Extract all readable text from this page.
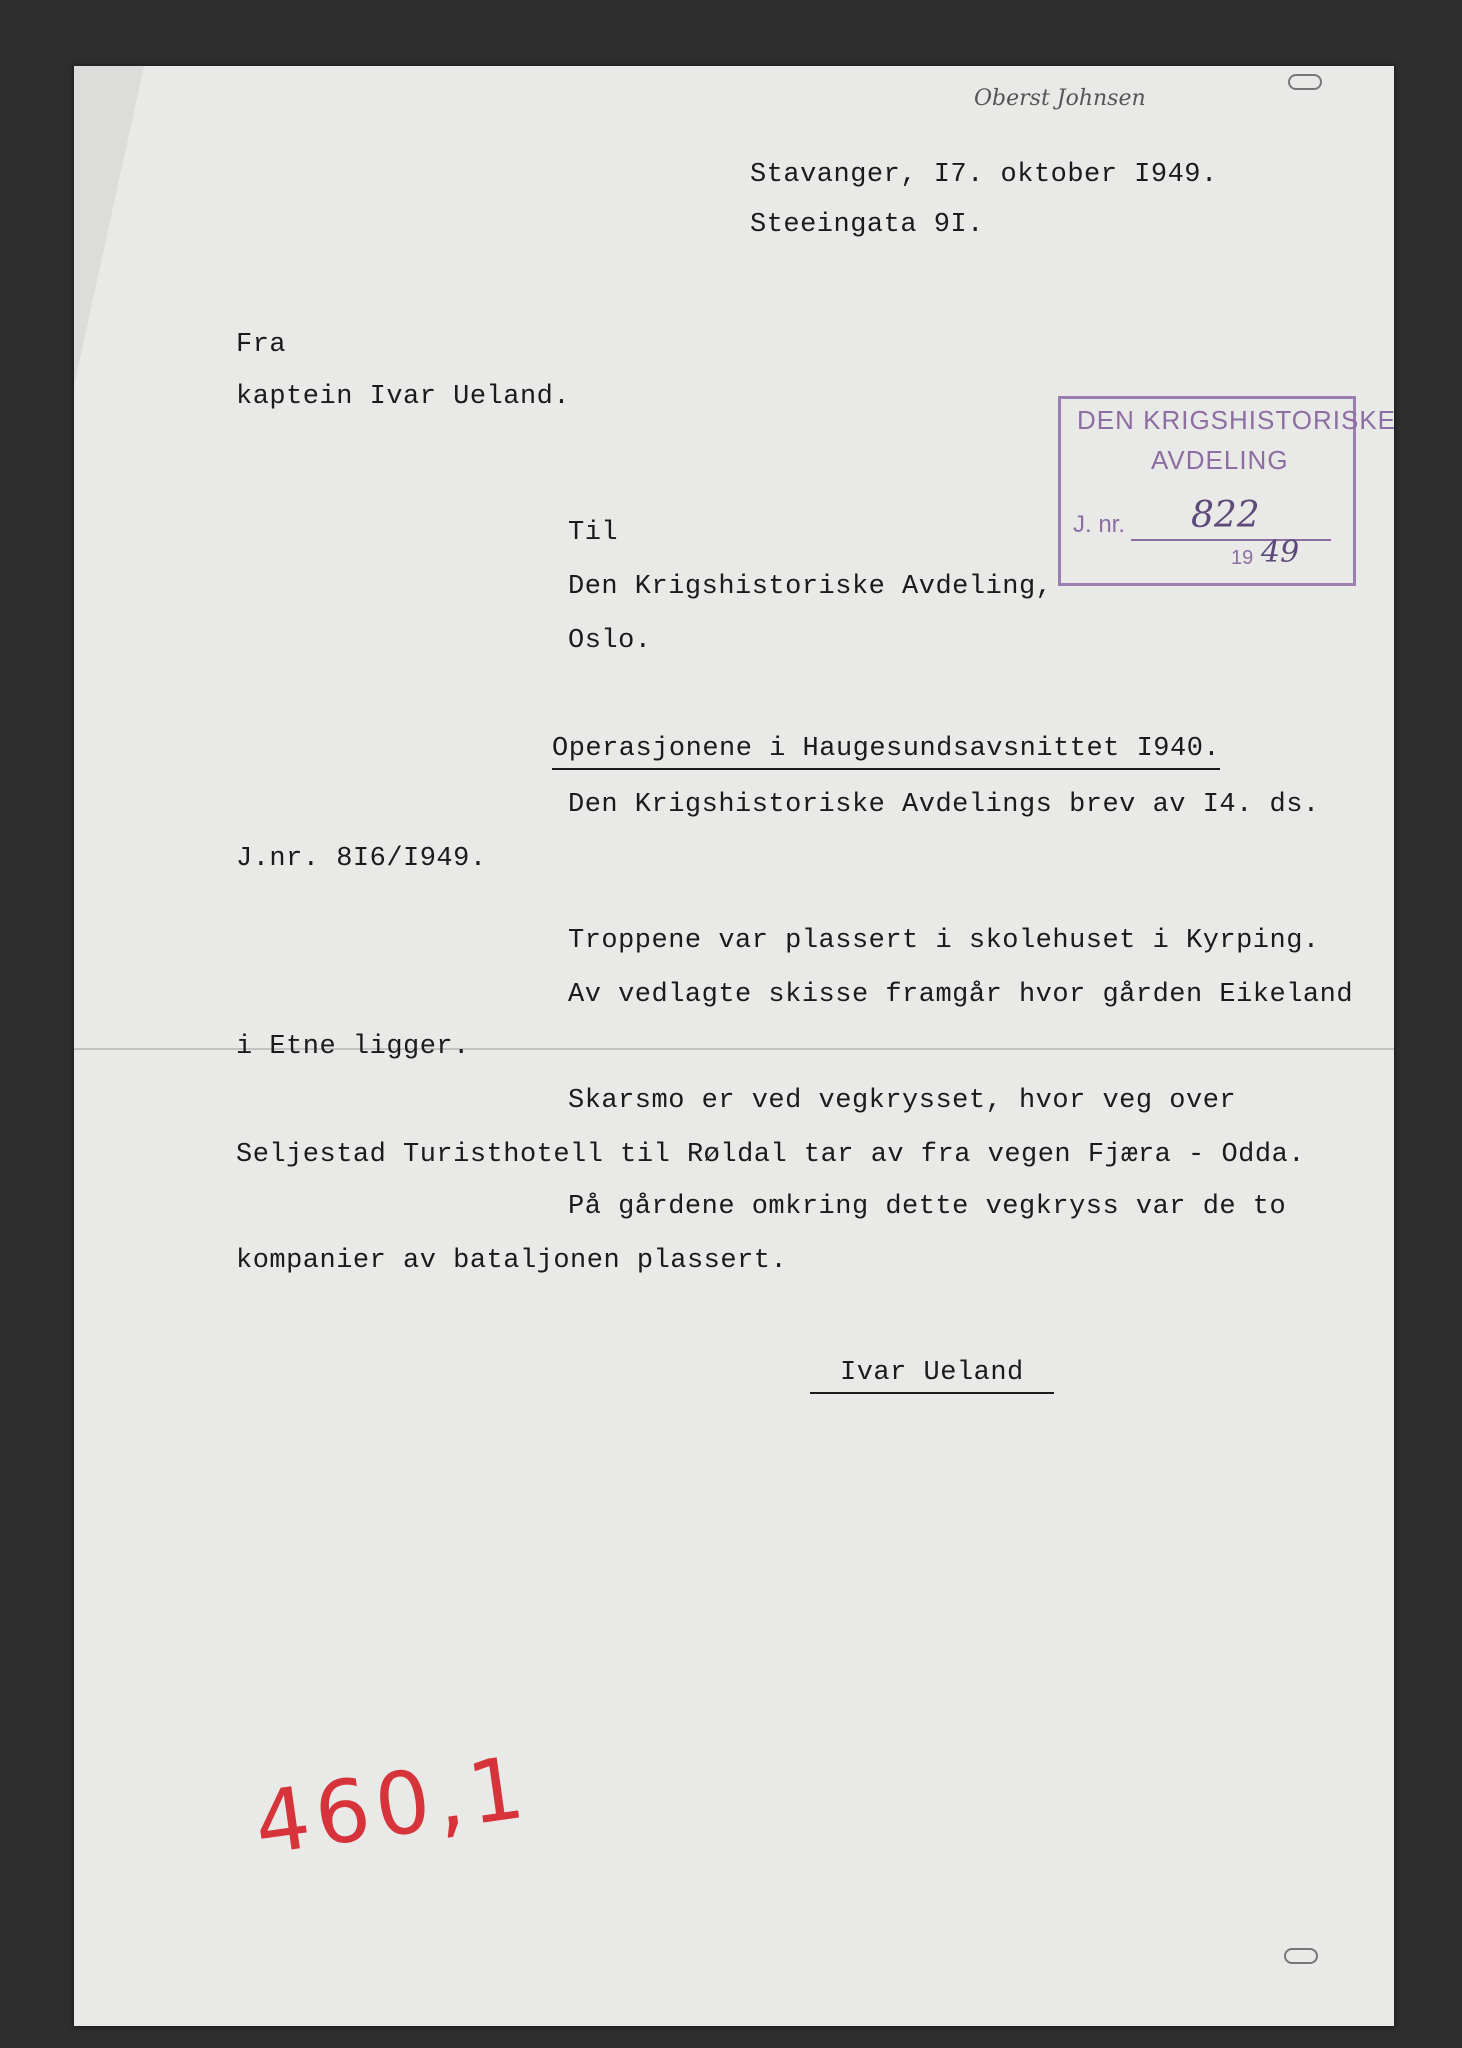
Oberst Johnsen
Stavanger, I7. oktober I949.
Steeingata 9I.
Fra
kaptein Ivar Ueland.
DEN KRIGSHISTORISKE
AVDELING
J. nr. 822
19 49
Til
Den Krigshistoriske Avdeling,
Oslo.
Operasjonene i Haugesundsavsnittet I940.
Den Krigshistoriske Avdelings brev av I4. ds.
J.nr. 8I6/I949.
Troppene var plassert i skolehuset i Kyrping.
Av vedlagte skisse framgår hvor gården Eikeland
i Etne ligger.
Skarsmo er ved vegkrysset, hvor veg over
Seljestad Turisthotell til Røldal tar av fra vegen Fjæra - Odda.
På gårdene omkring dette vegkryss var de to
kompanier av bataljonen plassert.
Ivar Ueland
460,1
